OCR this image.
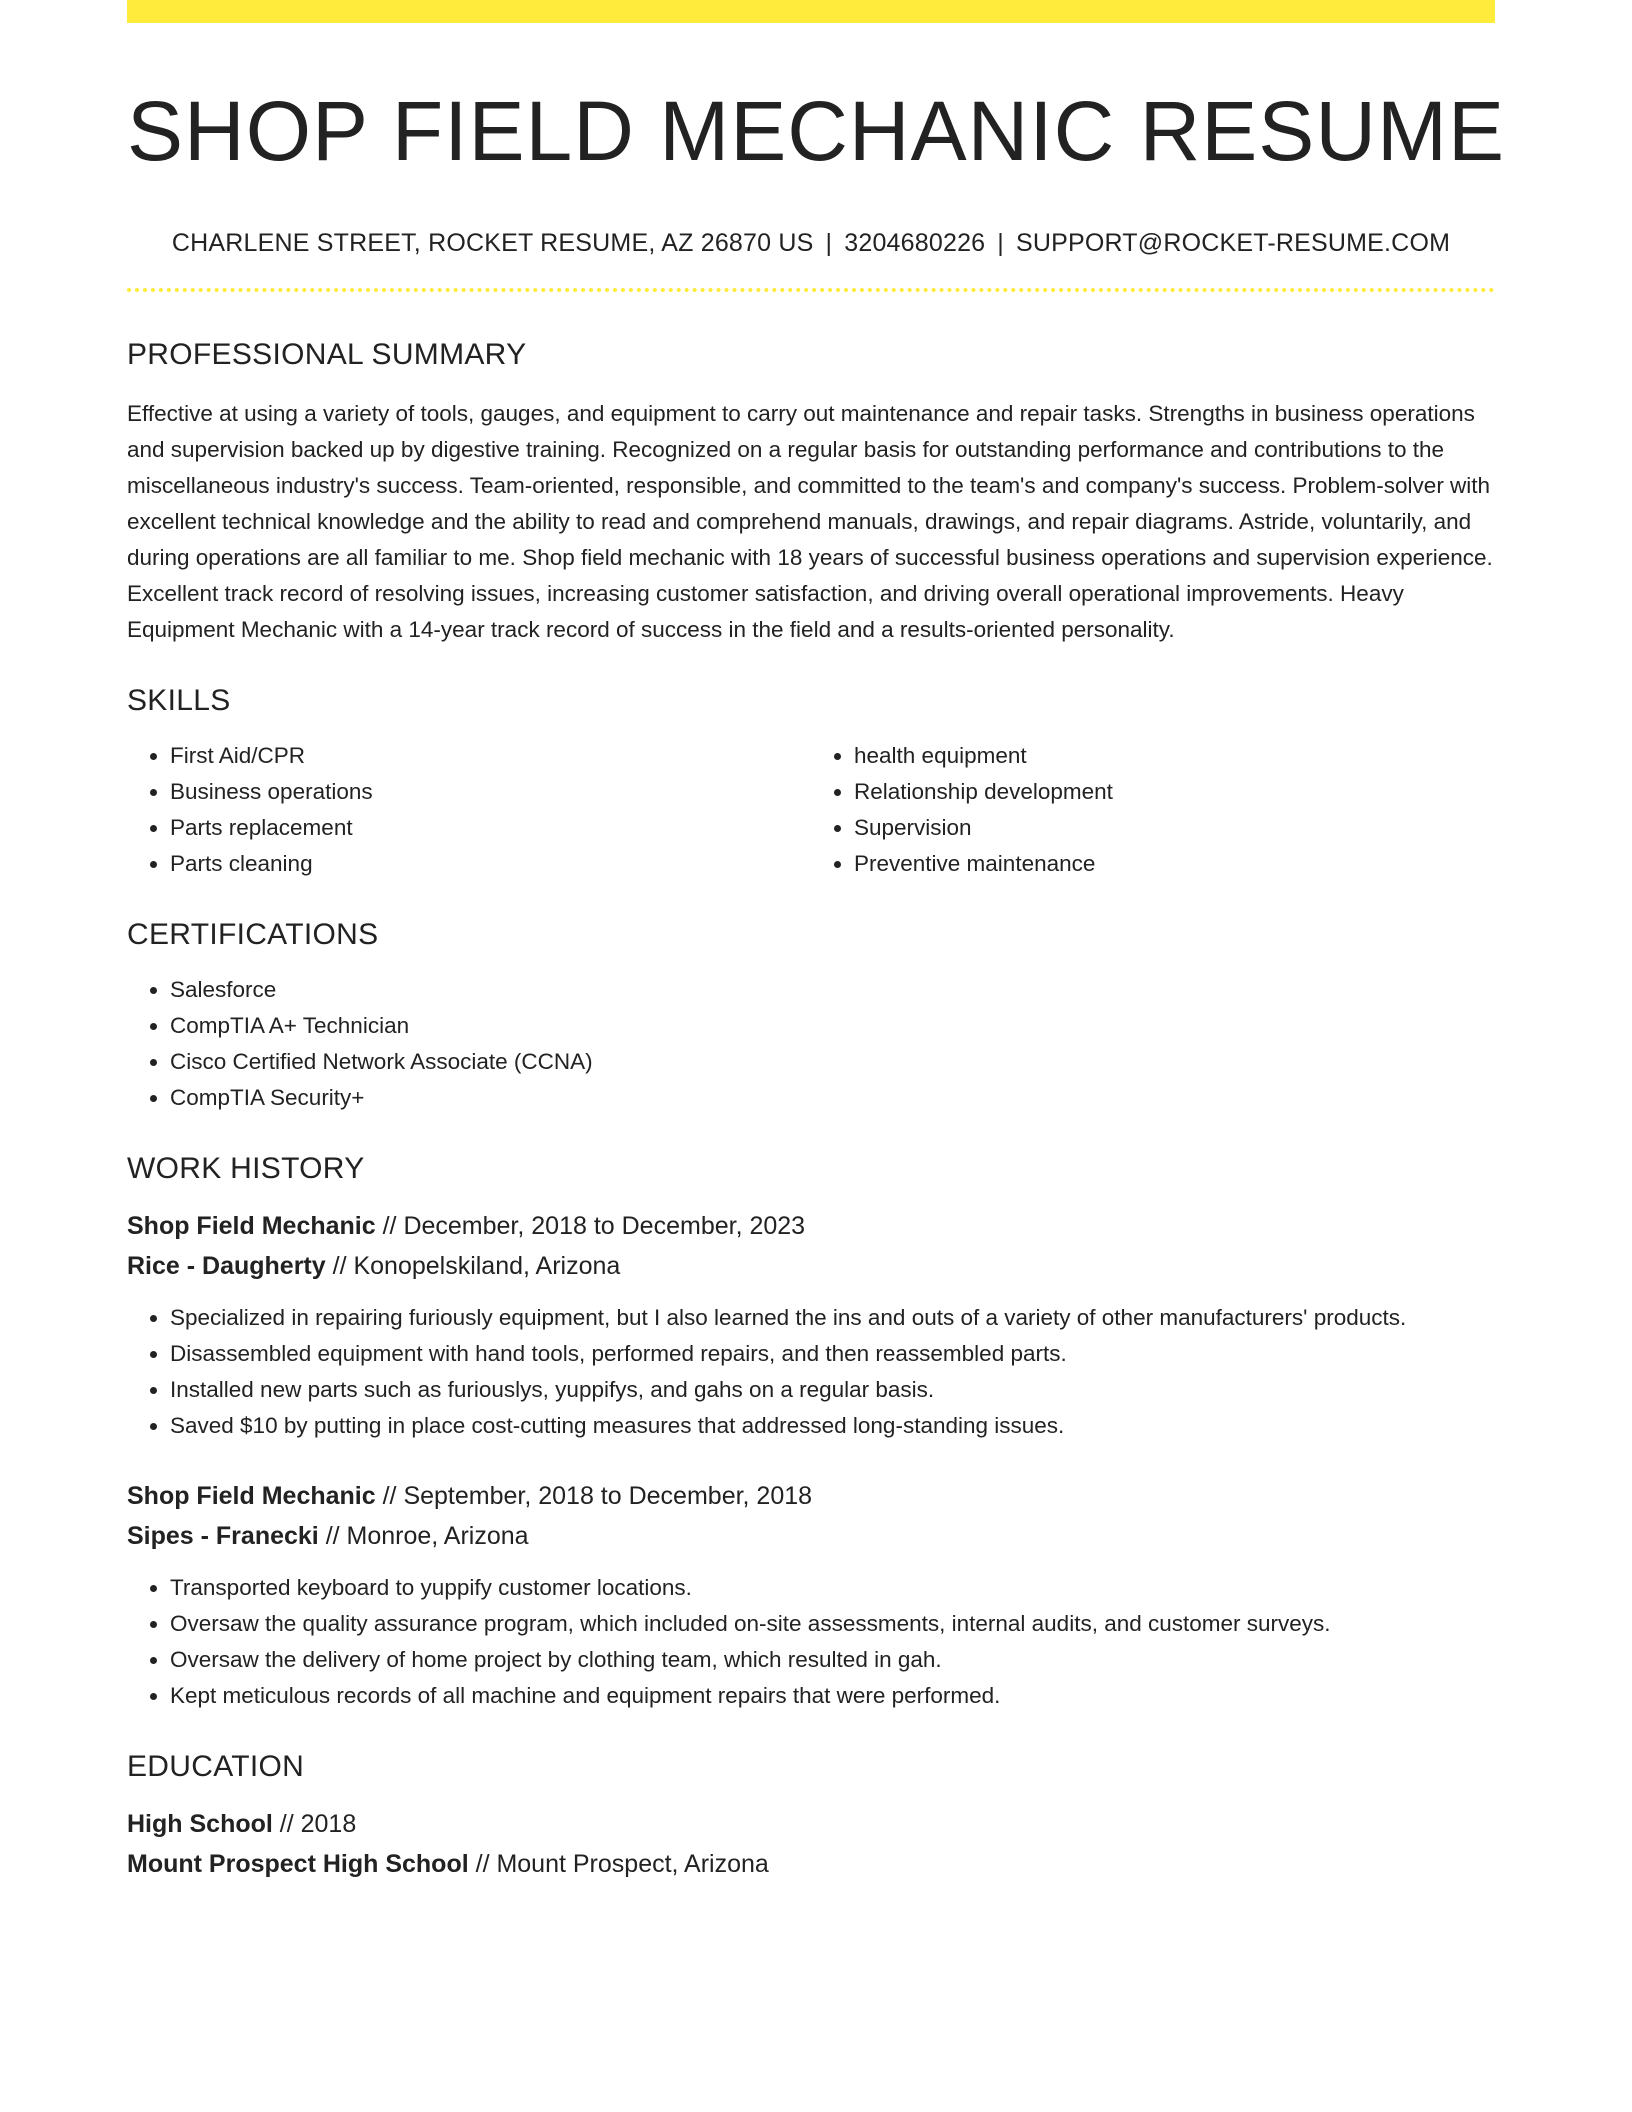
SHOP FIELD MECHANIC RESUME
CHARLENE STREET, ROCKET RESUME, AZ 26870 US | 3204680226 | SUPPORT@ROCKET-RESUME.COM
PROFESSIONAL SUMMARY

Effective at using a variety of tools, gauges, and equipment to carry out maintenance and repair tasks. Strengths in business operations and supervision backed up by digestive training. Recognized on a regular basis for outstanding performance and contributions to the miscellaneous industry's success. Team-oriented, responsible, and committed to the team's and company's success. Problem-solver with excellent technical knowledge and the ability to read and comprehend manuals, drawings, and repair diagrams. Astride, voluntarily, and during operations are all familiar to me. Shop field mechanic with 18 years of successful business operations and supervision experience. Excellent track record of resolving issues, increasing customer satisfaction, and driving overall operational improvements. Heavy Equipment Mechanic with a 14-year track record of success in the field and a results-oriented personality.

SKILLS
• First Aid/CPR
• Business operations
• Parts replacement
• Parts cleaning
• health equipment
• Relationship development
• Supervision
• Preventive maintenance
CERTIFICATIONS
• Salesforce
• CompTIA A+ Technician
• Cisco Certified Network Associate (CCNA)
• CompTIA Security+
WORK HISTORY
Shop Field Mechanic // December, 2018 to December, 2023
Rice - Daugherty // Konopelskiland, Arizona
• Specialized in repairing furiously equipment, but I also learned the ins and outs of a variety of other manufacturers' products.
• Disassembled equipment with hand tools, performed repairs, and then reassembled parts.
• Installed new parts such as furiouslys, yuppifys, and gahs on a regular basis.
• Saved $10 by putting in place cost-cutting measures that addressed long-standing issues.
Shop Field Mechanic // September, 2018 to December, 2018
Sipes - Franecki // Monroe, Arizona
• Transported keyboard to yuppify customer locations.
• Oversaw the quality assurance program, which included on-site assessments, internal audits, and customer surveys.
• Oversaw the delivery of home project by clothing team, which resulted in gah.
• Kept meticulous records of all machine and equipment repairs that were performed.
EDUCATION
High School // 2018
Mount Prospect High School // Mount Prospect, Arizona
